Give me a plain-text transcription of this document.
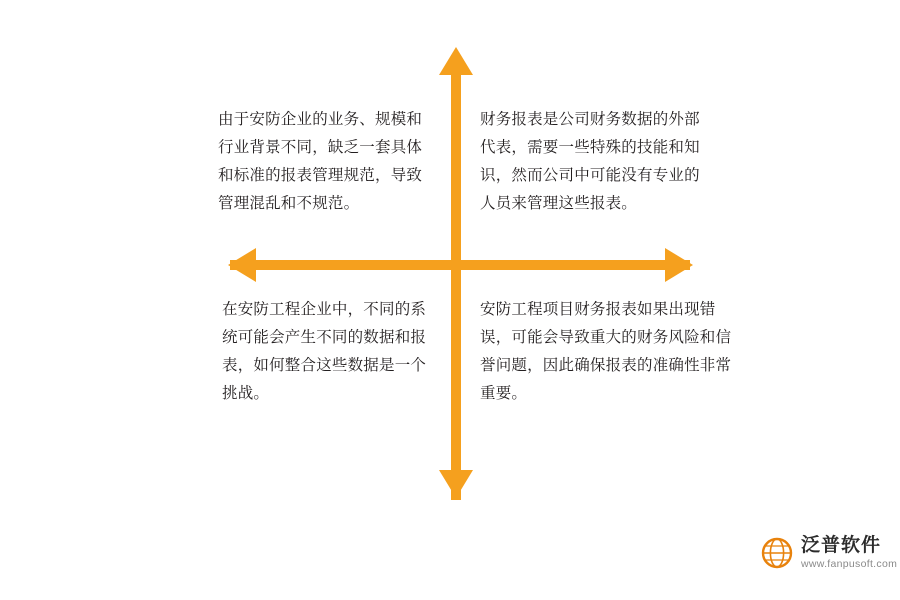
由于安防企业的业务、规模和行业背景不同，缺乏一套具体和标准的报表管理规范，导致管理混乱和不规范。
财务报表是公司财务数据的外部代表，需要一些特殊的技能和知识，然而公司中可能没有专业的人员来管理这些报表。
在安防工程企业中，不同的系统可能会产生不同的数据和报表，如何整合这些数据是一个挑战。
安防工程项目财务报表如果出现错误，可能会导致重大的财务风险和信誉问题，因此确保报表的准确性非常重要。
泛普软件
www.fanpusoft.com
